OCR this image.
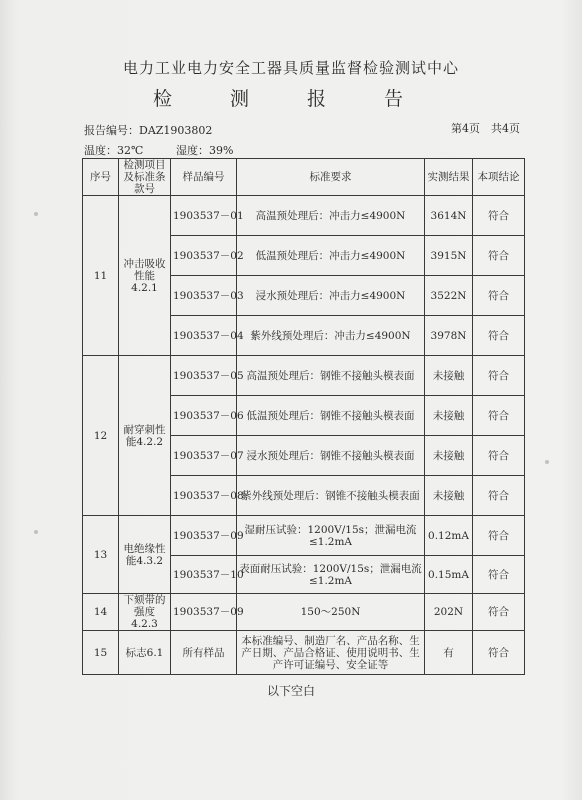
电力工业电力安全工器具质量监督检验测试中心
检 测 报 告
报告编号：DAZ1903802	第4页　共4页
温度：32℃	湿度：39%
序号	检测项目及标准条款号	样品编号	标准要求	实测结果	本项结论
11	冲击吸收性能 4.2.1	1903537－01	高温预处理后：冲击力≤4900N	3614N	符合
		1903537－02	低温预处理后：冲击力≤4900N	3915N	符合
		1903537－03	浸水预处理后：冲击力≤4900N	3522N	符合
		1903537－04	紫外线预处理后：冲击力≤4900N	3978N	符合
12	耐穿刺性能4.2.2	1903537－05	高温预处理后：钢锥不接触头模表面	未接触	符合
		1903537－06	低温预处理后：钢锥不接触头模表面	未接触	符合
		1903537－07	浸水预处理后：钢锥不接触头模表面	未接触	符合
		1903537－08	紫外线预处理后：钢锥不接触头模表面	未接触	符合
13	电绝缘性能4.3.2	1903537－09	湿耐压试验：1200V/15s；泄漏电流≤1.2mA	0.12mA	符合
		1903537－10	表面耐压试验：1200V/15s；泄漏电流≤1.2mA	0.15mA	符合
14	下颏带的强度 4.2.3	1903537－09	150～250N	202N	符合
15	标志6.1	所有样品	本标准编号、制造厂名、产品名称、生产日期、产品合格证、使用说明书、生产许可证编号、安全证等	有	符合
以下空白
